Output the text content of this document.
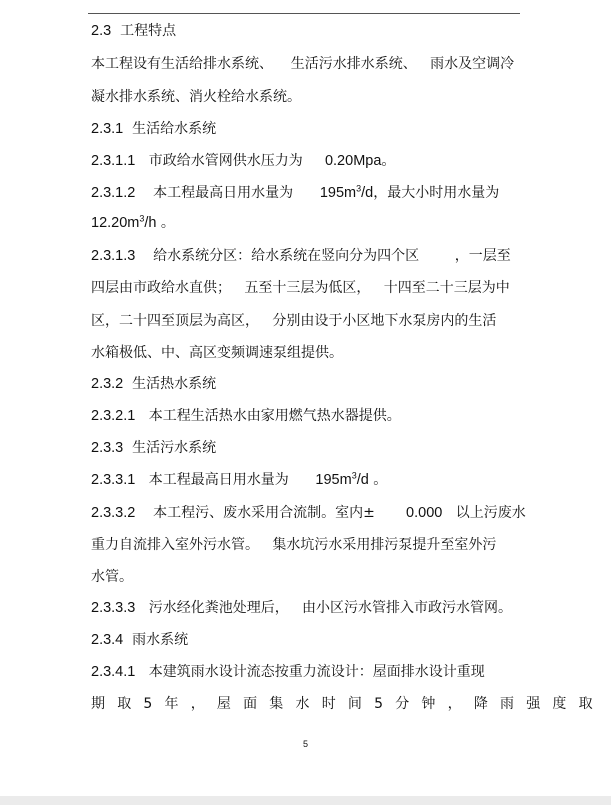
2.3 工程特点
本工程设有生活给排水系统、    生活污水排水系统、   雨水及空调冷
凝水排水系统、消火栓给水系统。
2.3.1 生活给水系统
2.3.1.1 市政给水管网供水压力为 0.20Mpa。
2.3.1.2 本工程最高日用水量为 $195m^3/d$，最大小时用水量为
$12.20m^3/h$ 。
2.3.1.3 给水系统分区：给水系统在竖向分为四个区        ，一层至
四层由市政给水直供；   五至十三层为低区，   十四至二十三层为中
区，二十四至顶层为高区，   分别由设于小区地下水泵房内的生活
水箱极低、中、高区变频调速泵组提供。
2.3.2 生活热水系统
2.3.2.1 本工程生活热水由家用燃气热水器提供。
2.3.3 生活污水系统
2.3.3.1 本工程最高日用水量为 $195m^3/d$ 。
2.3.3.2 本工程污、废水采用合流制。室内± 0.000 以上污废水
重力自流排入室外污水管。   集水坑污水采用排污泵提升至室外污
水管。
2.3.3.3 污水经化粪池处理后，   由小区污水管排入市政污水管网。
2.3.4 雨水系统
2.3.4.1 本建筑雨水设计流态按重力流设计：屋面排水设计重现
期取5年，屋面集水时间5分钟，降雨强度取
5
